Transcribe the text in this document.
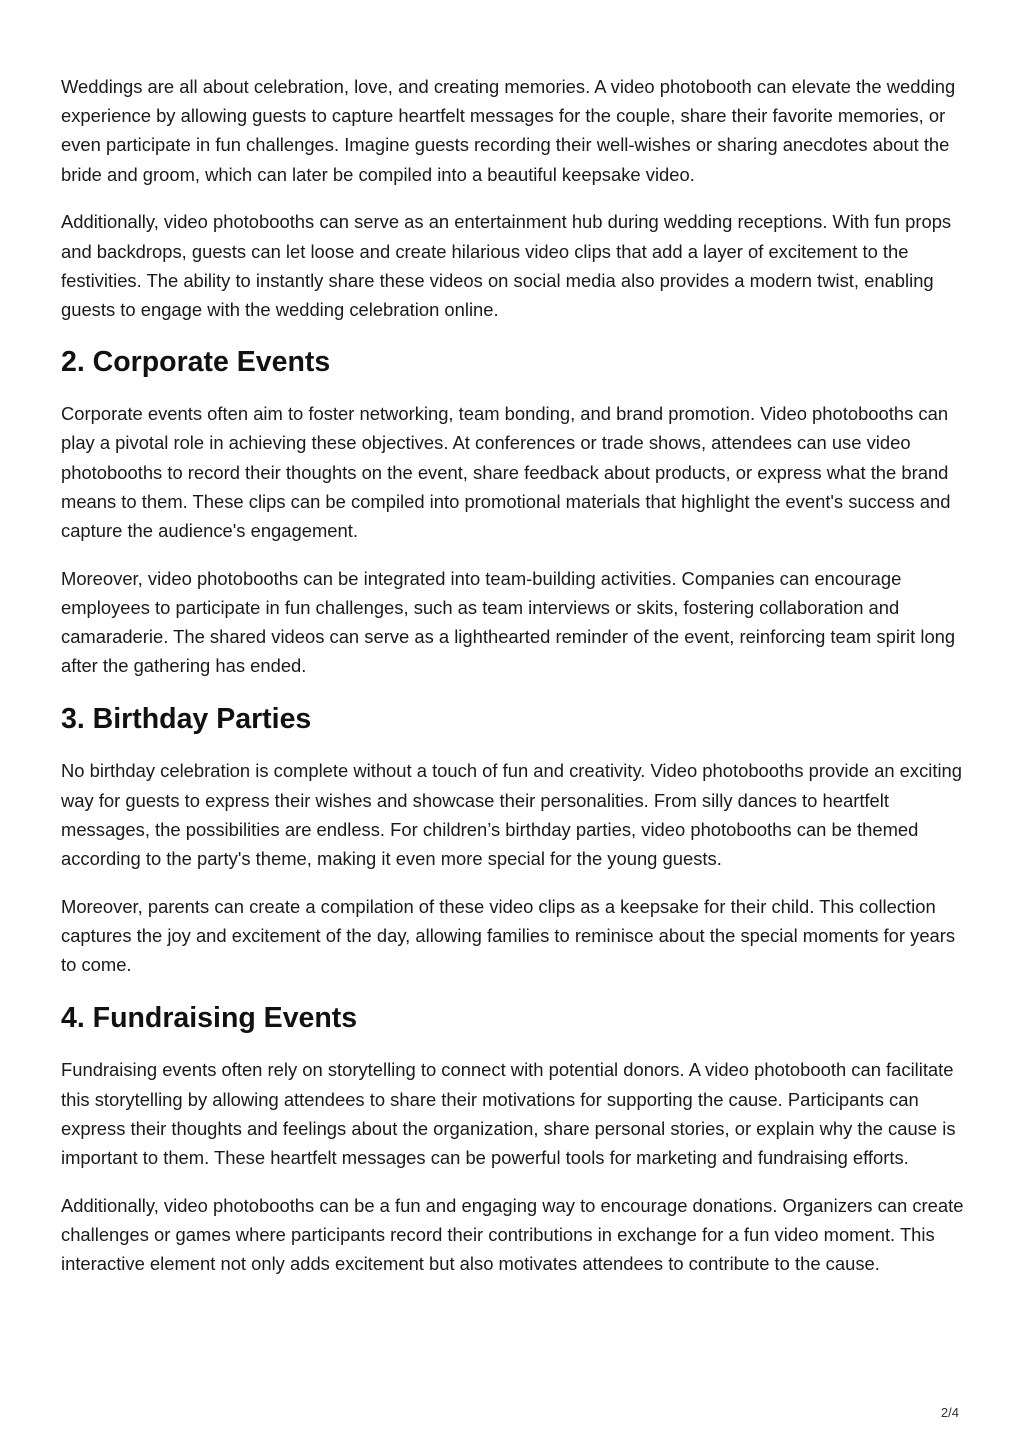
Weddings are all about celebration, love, and creating memories. A video photobooth can elevate the wedding experience by allowing guests to capture heartfelt messages for the couple, share their favorite memories, or even participate in fun challenges. Imagine guests recording their well-wishes or sharing anecdotes about the bride and groom, which can later be compiled into a beautiful keepsake video.

Additionally, video photobooths can serve as an entertainment hub during wedding receptions. With fun props and backdrops, guests can let loose and create hilarious video clips that add a layer of excitement to the festivities. The ability to instantly share these videos on social media also provides a modern twist, enabling guests to engage with the wedding celebration online.

2. Corporate Events

Corporate events often aim to foster networking, team bonding, and brand promotion. Video photobooths can play a pivotal role in achieving these objectives. At conferences or trade shows, attendees can use video photobooths to record their thoughts on the event, share feedback about products, or express what the brand means to them. These clips can be compiled into promotional materials that highlight the event's success and capture the audience's engagement.

Moreover, video photobooths can be integrated into team-building activities. Companies can encourage employees to participate in fun challenges, such as team interviews or skits, fostering collaboration and camaraderie. The shared videos can serve as a lighthearted reminder of the event, reinforcing team spirit long after the gathering has ended.

3. Birthday Parties

No birthday celebration is complete without a touch of fun and creativity. Video photobooths provide an exciting way for guests to express their wishes and showcase their personalities. From silly dances to heartfelt messages, the possibilities are endless. For children’s birthday parties, video photobooths can be themed according to the party's theme, making it even more special for the young guests.

Moreover, parents can create a compilation of these video clips as a keepsake for their child. This collection captures the joy and excitement of the day, allowing families to reminisce about the special moments for years to come.

4. Fundraising Events

Fundraising events often rely on storytelling to connect with potential donors. A video photobooth can facilitate this storytelling by allowing attendees to share their motivations for supporting the cause. Participants can express their thoughts and feelings about the organization, share personal stories, or explain why the cause is important to them. These heartfelt messages can be powerful tools for marketing and fundraising efforts.

Additionally, video photobooths can be a fun and engaging way to encourage donations. Organizers can create challenges or games where participants record their contributions in exchange for a fun video moment. This interactive element not only adds excitement but also motivates attendees to contribute to the cause.

2/4
